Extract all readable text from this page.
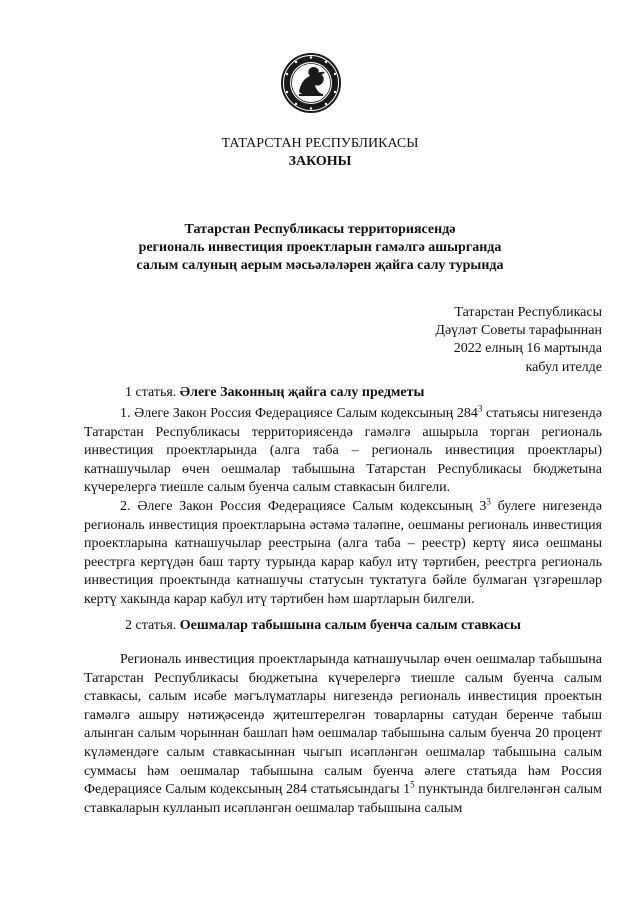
ТАТАРСТАН РЕСПУБЛИКАСЫ
ЗАКОНЫ
Татарстан Республикасы территориясендә
региональ инвестиция проектларын гамәлгә ашырганда
салым салуның аерым мәсьәләләрен җайга салу турында
Татарстан Республикасы
Дәүләт Советы тарафыннан
2022 елның 16 мартында
кабул ителде
1 статья. Әлеге Законның җайга салу предметы

1. Әлеге Закон Россия Федерациясе Салым кодексының $284^3$ статьясы нигезендә Татарстан Республикасы территориясендә гамәлгә ашырыла торган региональ инвестиция проектларында (алга таба – региональ инвестиция проектлары) катнашучылар өчен оешмалар табышына Татарстан Республикасы бюджетына күчерелергә тиешле салым буенча салым ставкасын билгели.

2. Әлеге Закон Россия Федерациясе Салым кодексының $3^3$ булеге нигезендә региональ инвестиция проектларына әстәмә таләпне, оешманы региональ инвестиция проектларына катнашучылар реестрына (алга таба – реестр) кертү яисә оешманы реестрга кертүдән баш тарту турында карар кабул итү тәртибен, реестрга региональ инвестиция проектында катнашучы статусын туктатуга бәйле булмаган үзгәрешләр кертү хакында карар кабул итү тәртибен һәм шартларын билгели.

2 статья. Оешмалар табышына салым буенча салым ставкасы

Региональ инвестиция проектларында катнашучылар өчен оешмалар табышына Татарстан Республикасы бюджетына күчерелергә тиешле салым буенча салым ставкасы, салым исәбе мәгълүматлары нигезендә региональ инвестиция проектын гамәлгә ашыру нәтиҗәсендә җитештерелгән товарларны сатудан беренче табыш алынган салым чорыннан башлап һәм оешмалар табышына салым буенча 20 процент күләмендәге салым ставкасыннан чыгып исәпләнгән оешмалар табышына салым суммасы һәм оешмалар табышына салым буенча әлеге статьяда һәм Россия Федерациясе Салым кодексының 284 статьясындагы $1^5$ пунктында билгеләнгән салым ставкаларын кулланып исәпләнгән оешмалар табышына салым
